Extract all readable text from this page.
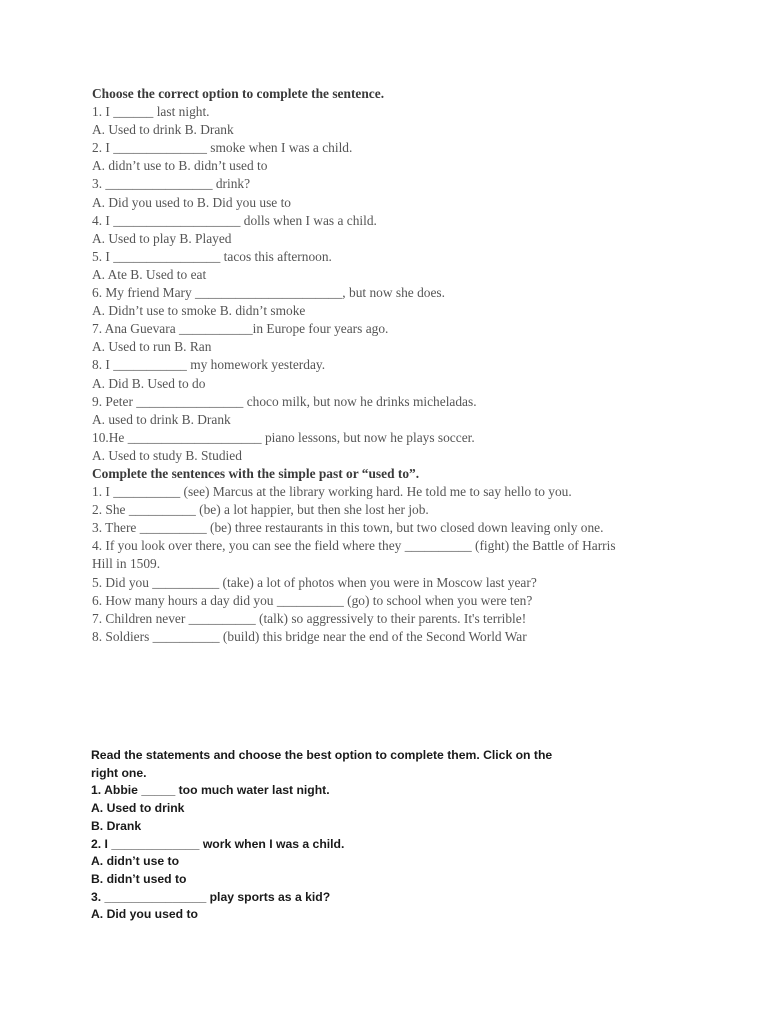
Choose the correct option to complete the sentence.
1. I ______ last night.
A. Used to drink B. Drank
2. I ______________ smoke when I was a child.
A. didn’t use to B. didn’t used to
3. ________________ drink?
A. Did you used to B. Did you use to
4. I ___________________ dolls when I was a child.
A. Used to play B. Played
5. I ________________ tacos this afternoon.
A. Ate B. Used to eat
6. My friend Mary ______________________, but now she does.
A. Didn’t use to smoke B. didn’t smoke
7. Ana Guevara ___________in Europe four years ago.
A. Used to run B. Ran
8. I ___________ my homework yesterday.
A. Did B. Used to do
9. Peter ________________ choco milk, but now he drinks micheladas.
A. used to drink B. Drank
10.He ____________________ piano lessons, but now he plays soccer.
A. Used to study B. Studied
Complete the sentences with the simple past or “used to”.
1. I __________ (see) Marcus at the library working hard. He told me to say hello to you.
2. She __________ (be) a lot happier, but then she lost her job.
3. There __________ (be) three restaurants in this town, but two closed down leaving only one.
4. If you look over there, you can see the field where they __________ (fight) the Battle of Harris Hill in 1509.
5. Did you __________ (take) a lot of photos when you were in Moscow last year?
6. How many hours a day did you __________ (go) to school when you were ten?
7. Children never __________ (talk) so aggressively to their parents. It's terrible!
8. Soldiers __________ (build) this bridge near the end of the Second World War
Read the statements and choose the best option to complete them. Click on the right one.
1. Abbie _____ too much water last night.
A. Used to drink
B. Drank
2. I _____________ work when I was a child.
A. didn’t use to
B. didn’t used to
3. _______________ play sports as a kid?
A. Did you used to
